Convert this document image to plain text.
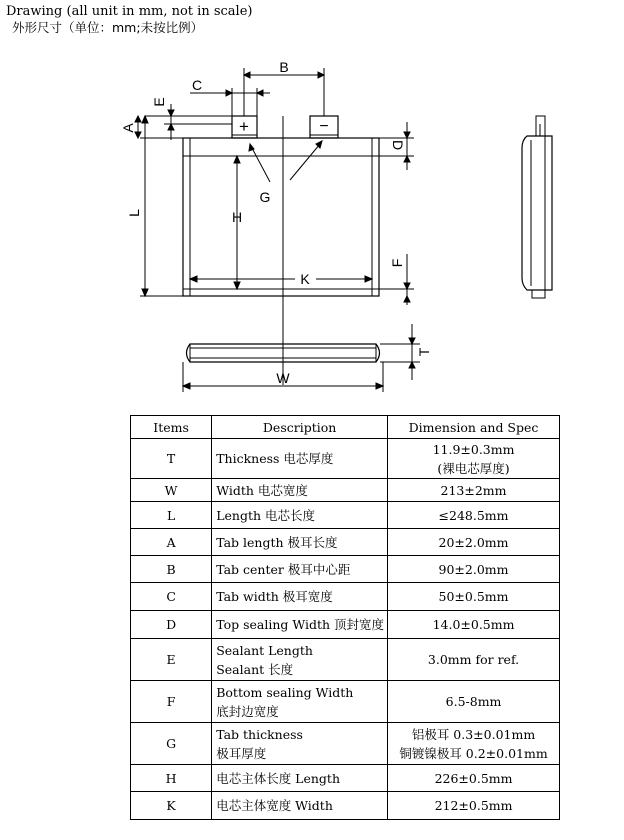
Drawing (all unit in mm, not in scale)
外形尺寸（单位：mm;未按比例）
+	−
A
B
C
D
E
F
G
H
K
L
T
W
Items	Description	Dimension and Spec
T	Thickness 电芯厚度	11.9±0.3mm
(裸电芯厚度)

W	Width 电芯宽度	213±2mm

L	Length 电芯长度	≤248.5mm

A	Tab length 极耳长度	20±2.0mm

B	Tab center 极耳中心距	90±2.0mm

C	Tab width 极耳宽度	50±0.5mm

D	Top sealing Width 顶封宽度	14.0±0.5mm

E	Sealant Length
Sealant 长度	3.0mm for ref.

F	Bottom sealing Width
底封边宽度	6.5-8mm

G	Tab thickness
极耳厚度	铝极耳 0.3±0.01mm
铜镀镍极耳 0.2±0.01mm

H	电芯主体长度 Length	226±0.5mm

K	电芯主体宽度 Width	212±0.5mm
